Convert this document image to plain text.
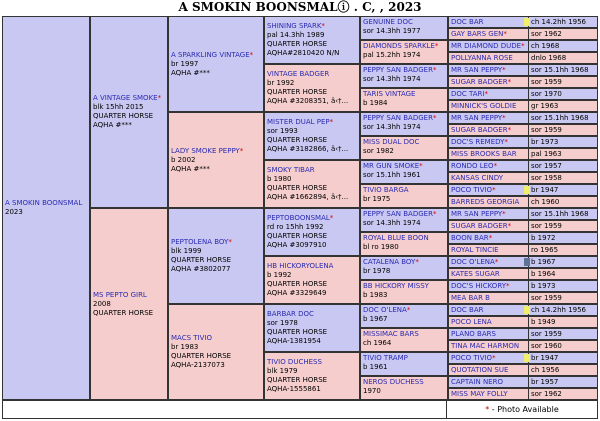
A SMOKIN BOONSMALⓘ . C, , 2023
A SMOKIN BOONSMAL
2023
A VINTAGE SMOKE*
blk 15hh 2015
QUARTER HORSE
AQHA #***
MS PEPTO GIRL
2008
QUARTER HORSE
A SPARKLING VINTAGE*
br 1997
AQHA #***
LADY SMOKE PEPPY*
b 2002
AQHA #***
PEPTOLENA BOY*
blk 1999
QUARTER HORSE
AQHA #3802077
MACS TIVIO
br 1983
QUARTER HORSE
AQHA-2137073
SHINING SPARK*
pal 14.3hh 1989
QUARTER HORSE
AQHA#2810420 N/N
VINTAGE BADGER
br 1992
QUARTER HORSE
AQHA #3208351, â‹†...
MISTER DUAL PEP*
sor 1993
QUARTER HORSE
AQHA #3182866, â‹†...
SMOKY TIBAR
b 1980
QUARTER HORSE
AQHA #1662894, â‹†...
PEPTOBOONSMAL*
rd ro 15hh 1992
QUARTER HORSE
AQHA #3097910
HB HICKORYOLENA
b 1992
QUARTER HORSE
AQHA #3329649
BARBAR DOC
sor 1978
QUARTER HORSE
AQHA-1381954
TIVIO DUCHESS
blk 1979
QUARTER HORSE
AQHA-1555861
GENUINE DOC
sor 14.3hh 1977
DIAMONDS SPARKLE*
pal 15.2hh 1974
PEPPY SAN BADGER*
sor 14.3hh 1974
TARIS VINTAGE
b 1984
PEPPY SAN BADGER*
sor 14.3hh 1974
MISS DUAL DOC
sor 1982
MR GUN SMOKE*
sor 15.1hh 1961
TIVIO BARGA
br 1975
PEPPY SAN BADGER*
sor 14.3hh 1974
ROYAL BLUE BOON
bl ro 1980
CATALENA BOY*
br 1978
BB HICKORY MISSY
b 1983
DOC O'LENA*
b 1967
MISSIMAC BARS
ch 1964
TIVIO TRAMP
b 1961
NEROS DUCHESS
1970
DOC BAR	ch 14.2hh 1956
GAY BARS GEN *	sor 1962
MR DIAMOND DUDE * ch 1968
POLLYANNA ROSE	dnlo 1968
MR SAN PEPPY *	sor 15.1hh 1968
SUGAR BADGER *	sor 1959
DOC TARI *	sor 1970
MINNICK'S GOLDIE	gr 1963
MR SAN PEPPY *	sor 15.1hh 1968
SUGAR BADGER *	sor 1959
DOC'S REMEDY *	br 1973
MISS BROOKS BAR	pal 1963
RONDO LEO *	sor 1957
KANSAS CINDY	sor 1958
POCO TIVIO *	br 1947
BARREDS GEORGIA	ch 1960
MR SAN PEPPY *	sor 15.1hh 1968
SUGAR BADGER *	sor 1959
BOON BAR *	b 1972
ROYAL TINCIE	ro 1965
DOC O'LENA *	b 1967
KATES SUGAR	b 1964
DOC'S HICKORY *	b 1973
MEA BAR B	sor 1959
DOC BAR	ch 14.2hh 1956
POCO LENA	b 1949
PLANO BARS	sor 1959
TINA MAC HARMON	sor 1960
POCO TIVIO *	br 1947
QUOTATION SUE	ch 1956
CAPTAIN NERO	br 1957
MISS MAY FOLLY	sor 1962
* - Photo Available
